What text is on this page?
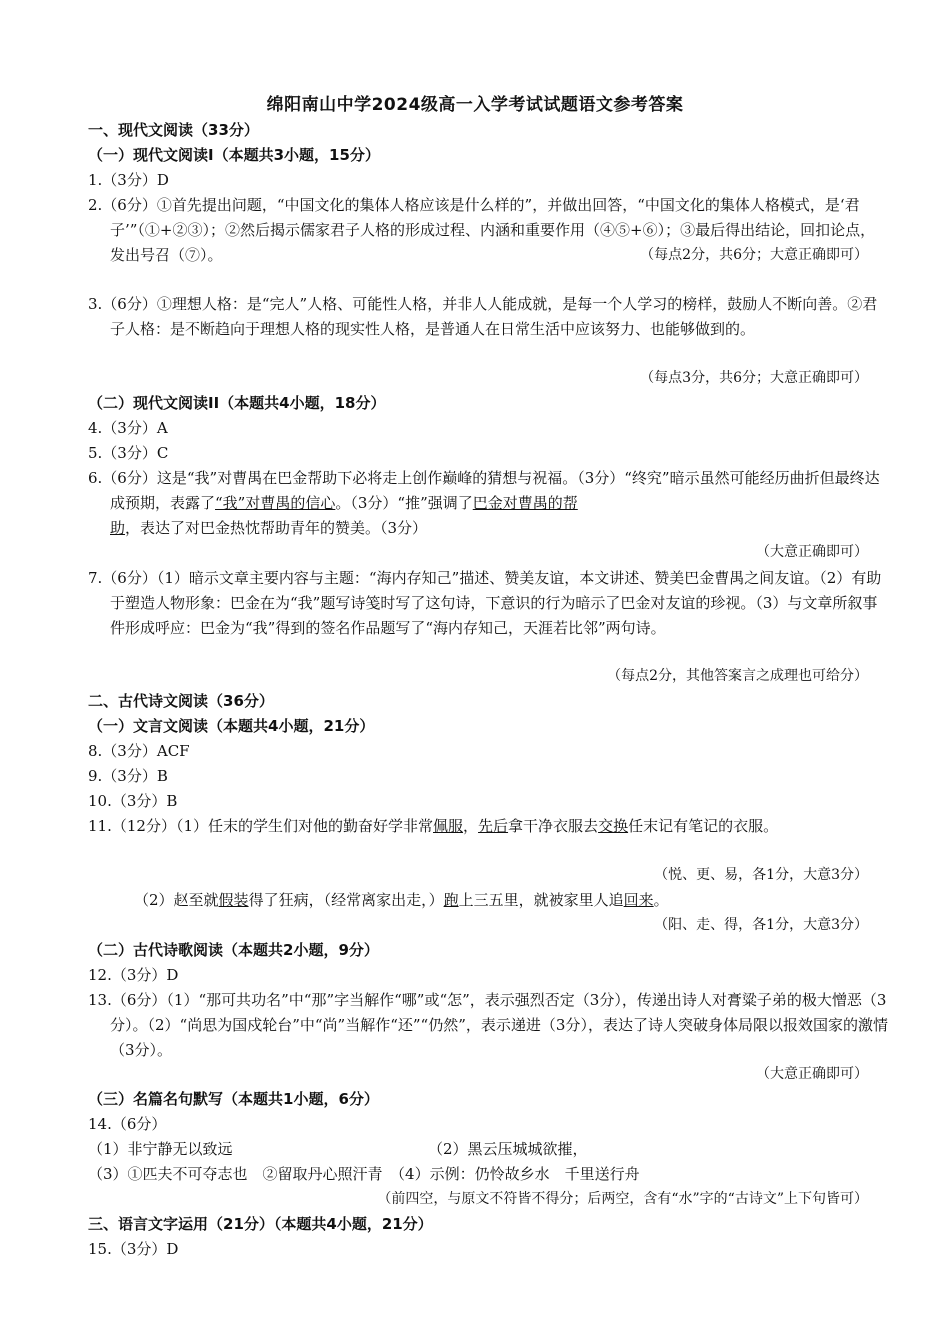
绵阳南山中学2024级高一入学考试试题语文参考答案
一、现代文阅读（33分）
（一）现代文阅读I（本题共3小题，15分）
1.（3分）D
2.（6分）①首先提出问题，“中国文化的集体人格应该是什么样的”，并做出回答，“中国文化的集体人格模式，是‘君子’”（①+②③）；②然后揭示儒家君子人格的形成过程、内涵和重要作用（④⑤+⑥）；③最后得出结论，回扣论点，发出号召（⑦）。	（每点2分，共6分；大意正确即可）
3.（6分）①理想人格：是“完人”人格、可能性人格，并非人人能成就，是每一个人学习的榜样，鼓励人不断向善。②君子人格：是不断趋向于理想人格的现实性人格，是普通人在日常生活中应该努力、也能够做到的。
（每点3分，共6分；大意正确即可）
（二）现代文阅读II（本题共4小题，18分）
4.（3分）A
5.（3分）C
6.（6分）这是“我”对曹禺在巴金帮助下必将走上创作巅峰的猜想与祝福。（3分）“终究”暗示虽然可能经历曲折但最终达成预期，表露了“我”对曹禺的信心。（3分）“推”强调了巴金对曹禺的帮助，表达了对巴金热忱帮助青年的赞美。（3分）
（大意正确即可）
7.（6分）（1）暗示文章主要内容与主题：“海内存知己”描述、赞美友谊，本文讲述、赞美巴金曹禺之间友谊。（2）有助于塑造人物形象：巴金在为“我”题写诗笺时写了这句诗，下意识的行为暗示了巴金对友谊的珍视。（3）与文章所叙事件形成呼应：巴金为“我”得到的签名作品题写了“海内存知己，天涯若比邻”两句诗。
（每点2分，其他答案言之成理也可给分）
二、古代诗文阅读（36分）
（一）文言文阅读（本题共4小题，21分）
8.（3分）ACF
9.（3分）B
10.（3分）B
11.（12分）（1）任末的学生们对他的勤奋好学非常佩服，先后拿干净衣服去交换任末记有笔记的衣服。
（悦、更、易，各1分，大意3分）
（2）赵至就假装得了狂病，（经常离家出走，）跑上三五里，就被家里人追回来。
（阳、走、得，各1分，大意3分）
（二）古代诗歌阅读（本题共2小题，9分）
12.（3分）D
13.（6分）（1）“那可共功名”中“那”字当解作“哪”或“怎”，表示强烈否定（3分），传递出诗人对膏粱子弟的极大憎恶（3分）。（2）“尚思为国戍轮台”中“尚”当解作“还”“仍然”，表示递进（3分），表达了诗人突破身体局限以报效国家的激情（3分）。
（大意正确即可）
（三）名篇名句默写（本题共1小题，6分）
14.（6分）
（1）非宁静无以致远	（2）黑云压城城欲摧，
（3）①匹夫不可夺志也　②留取丹心照汗青　（4）示例：仍怜故乡水　千里送行舟
（前四空，与原文不符皆不得分；后两空，含有“水”字的“古诗文”上下句皆可）
三、语言文字运用（21分）（本题共4小题，21分）
15.（3分）D
